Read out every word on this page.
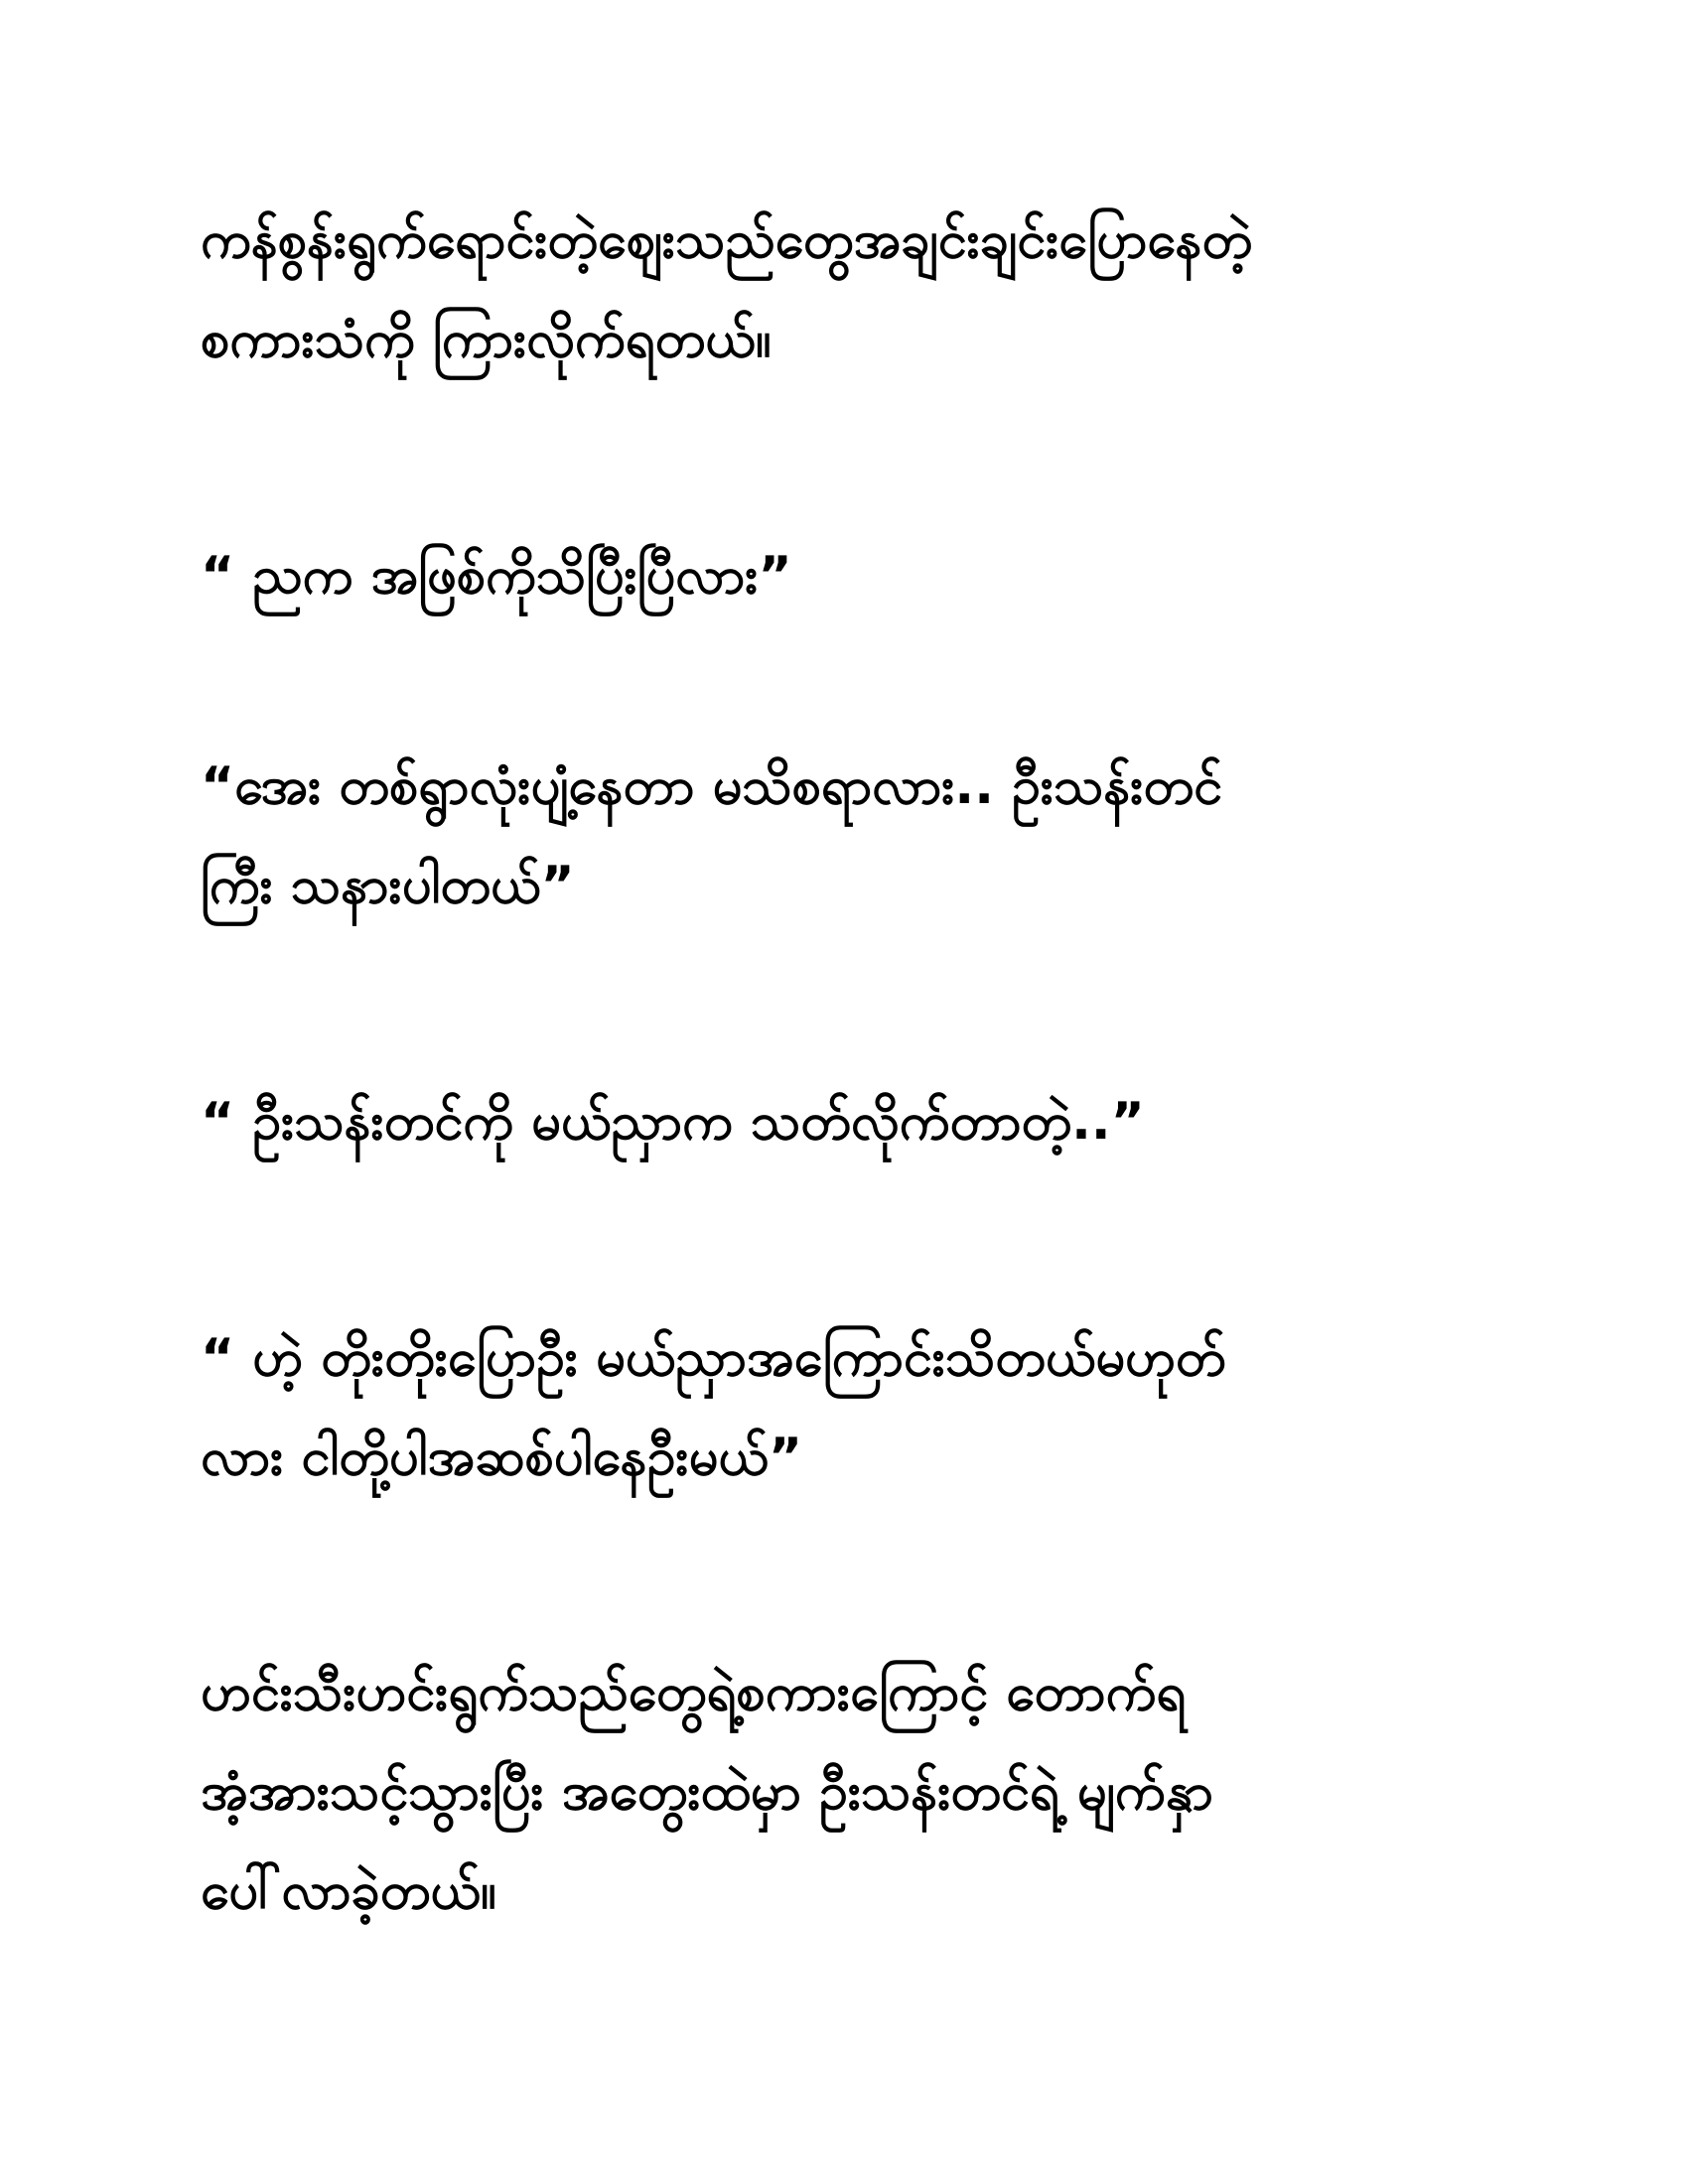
ကန်စွန်းရွက်ရောင်းတဲ့ဈေးသည်တွေအချင်းချင်းပြောနေတဲ့
စကားသံကို ကြားလိုက်ရတယ်။

“ ညက အဖြစ်ကိုသိပြီးပြီလား”

“အေး တစ်ရွာလုံးပျံ့နေတာ မသိစရာလား.. ဦးသန်းတင်
ကြီး သနားပါတယ်”

“ ဦးသန်းတင်ကို မယ်ညှာက သတ်လိုက်တာတဲ့..”

“ ဟဲ့ တိုးတိုးပြောဦး မယ်ညှာအကြောင်းသိတယ်မဟုတ်
လား ငါတို့ပါအဆစ်ပါနေဦးမယ်”

ဟင်းသီးဟင်းရွက်သည်တွေရဲ့စကားကြောင့် တောက်ရ
အံ့အားသင့်သွားပြီး အတွေးထဲမှာ ဦးသန်းတင်ရဲ့ မျက်နှာ
ပေါ်လာခဲ့တယ်။
